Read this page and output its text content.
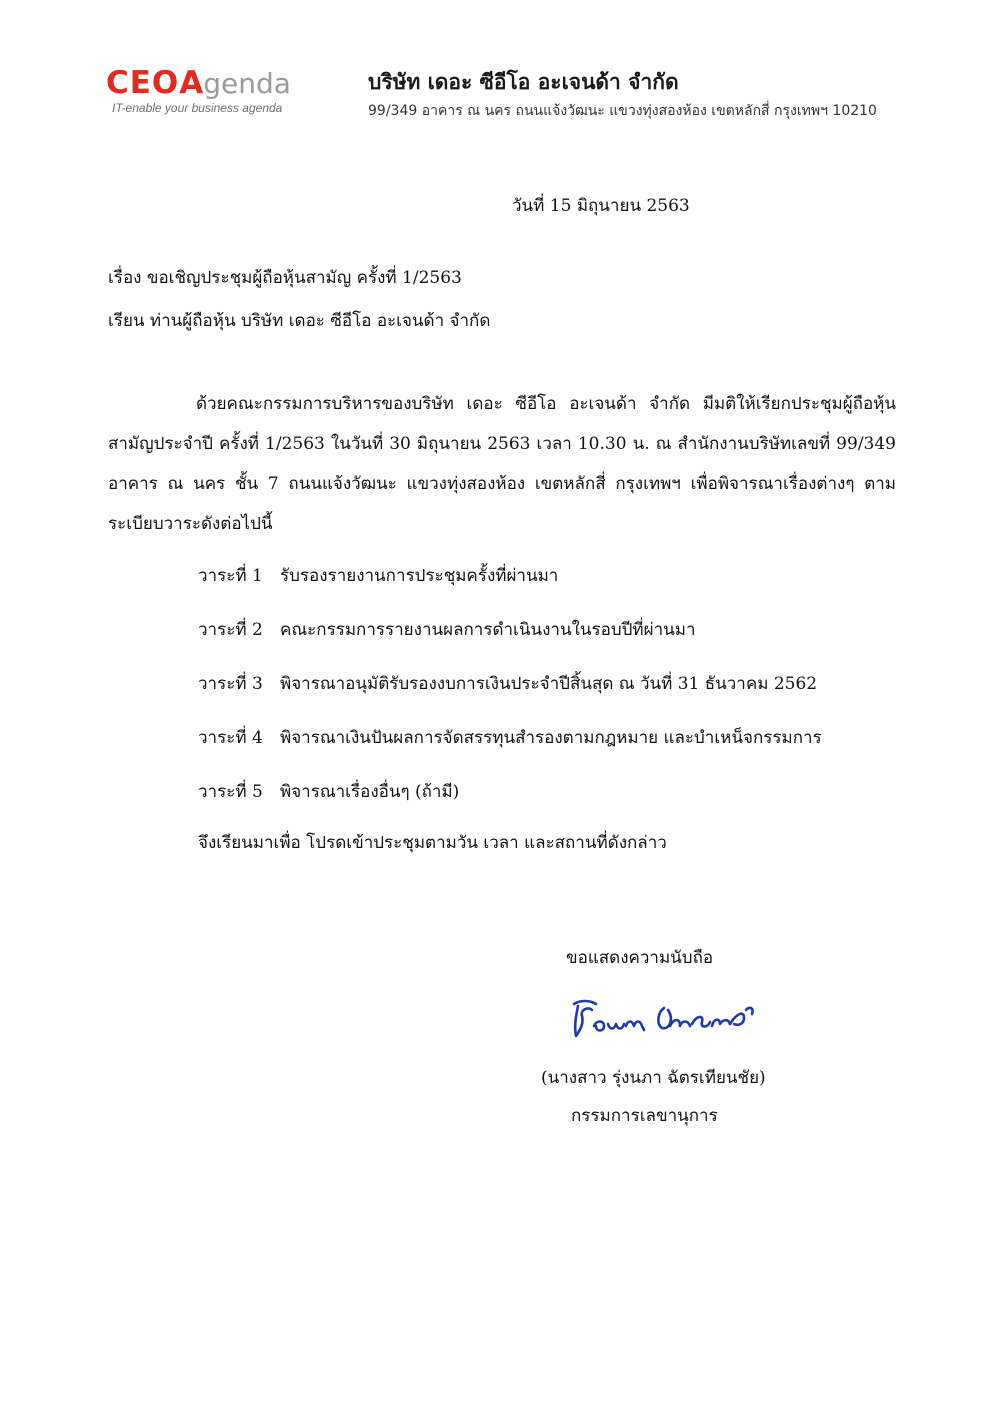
CEOAgenda
IT-enable your business agenda
บริษัท เดอะ ซีอีโอ อะเจนด้า จำกัด
99/349 อาคาร ณ นคร ถนนแจ้งวัฒนะ แขวงทุ่งสองห้อง เขตหลักสี่ กรุงเทพฯ 10210
วันที่ 15 มิถุนายน 2563
เรื่อง ขอเชิญประชุมผู้ถือหุ้นสามัญ ครั้งที่ 1/2563
เรียน ท่านผู้ถือหุ้น บริษัท เดอะ ซีอีโอ อะเจนด้า จำกัด
ด้วยคณะกรรมการบริหารของบริษัท เดอะ ซีอีโอ อะเจนด้า จำกัด มีมติให้เรียกประชุมผู้ถือหุ้นสามัญประจำปี ครั้งที่ 1/2563 ในวันที่ 30 มิถุนายน 2563 เวลา 10.30 น. ณ สำนักงานบริษัทเลขที่ 99/349 อาคาร ณ นคร ชั้น 7 ถนนแจ้งวัฒนะ แขวงทุ่งสองห้อง เขตหลักสี่ กรุงเทพฯ เพื่อพิจารณาเรื่องต่างๆ ตามระเบียบวาระดังต่อไปนี้
วาระที่ 1 รับรองรายงานการประชุมครั้งที่ผ่านมา
วาระที่ 2 คณะกรรมการรายงานผลการดำเนินงานในรอบปีที่ผ่านมา
วาระที่ 3 พิจารณาอนุมัติรับรองงบการเงินประจำปีสิ้นสุด ณ วันที่ 31 ธันวาคม 2562
วาระที่ 4 พิจารณาเงินปันผลการจัดสรรทุนสำรองตามกฎหมาย และบำเหน็จกรรมการ
วาระที่ 5 พิจารณาเรื่องอื่นๆ (ถ้ามี)
จึงเรียนมาเพื่อ โปรดเข้าประชุมตามวัน เวลา และสถานที่ดังกล่าว
ขอแสดงความนับถือ
(นางสาว รุ่งนภา ฉัตรเทียนชัย)
กรรมการเลขานุการ
